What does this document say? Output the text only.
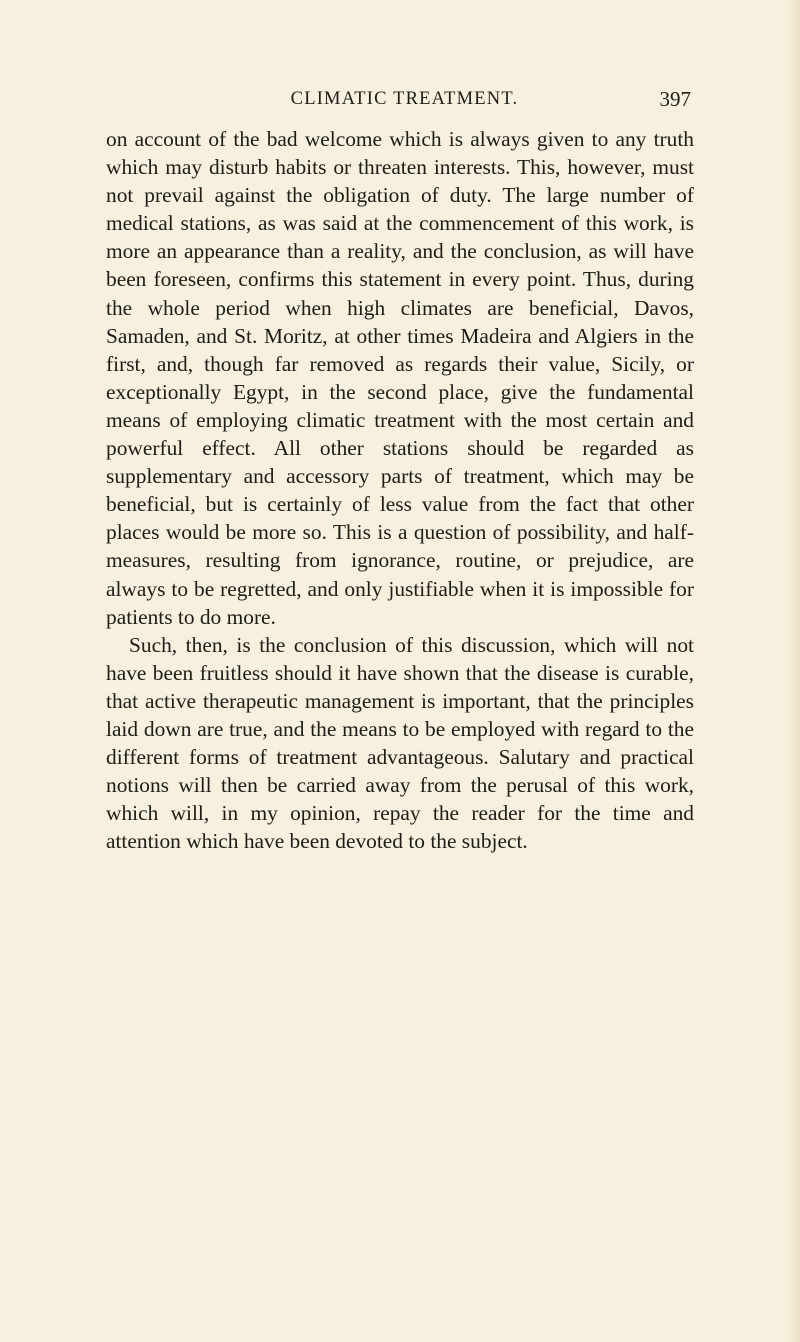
CLIMATIC TREATMENT.	397

on account of the bad welcome which is always given to any truth which may disturb habits or threaten interests. This, however, must not prevail against the obligation of duty. The large number of medical stations, as was said at the commencement of this work, is more an appearance than a reality, and the conclusion, as will have been foreseen, confirms this statement in every point. Thus, during the whole period when high climates are beneficial, Davos, Samaden, and St. Moritz, at other times Madeira and Algiers in the first, and, though far removed as regards their value, Sicily, or exceptionally Egypt, in the second place, give the fundamental means of employing climatic treatment with the most certain and powerful effect. All other stations should be regarded as supplementary and accessory parts of treatment, which may be beneficial, but is certainly of less value from the fact that other places would be more so. This is a question of possibility, and half-measures, resulting from ignorance, routine, or prejudice, are always to be regretted, and only justifiable when it is impossible for patients to do more.

Such, then, is the conclusion of this discussion, which will not have been fruitless should it have shown that the disease is curable, that active therapeutic management is important, that the principles laid down are true, and the means to be employed with regard to the different forms of treatment advantageous. Salutary and practical notions will then be carried away from the perusal of this work, which will, in my opinion, repay the reader for the time and attention which have been devoted to the subject.
